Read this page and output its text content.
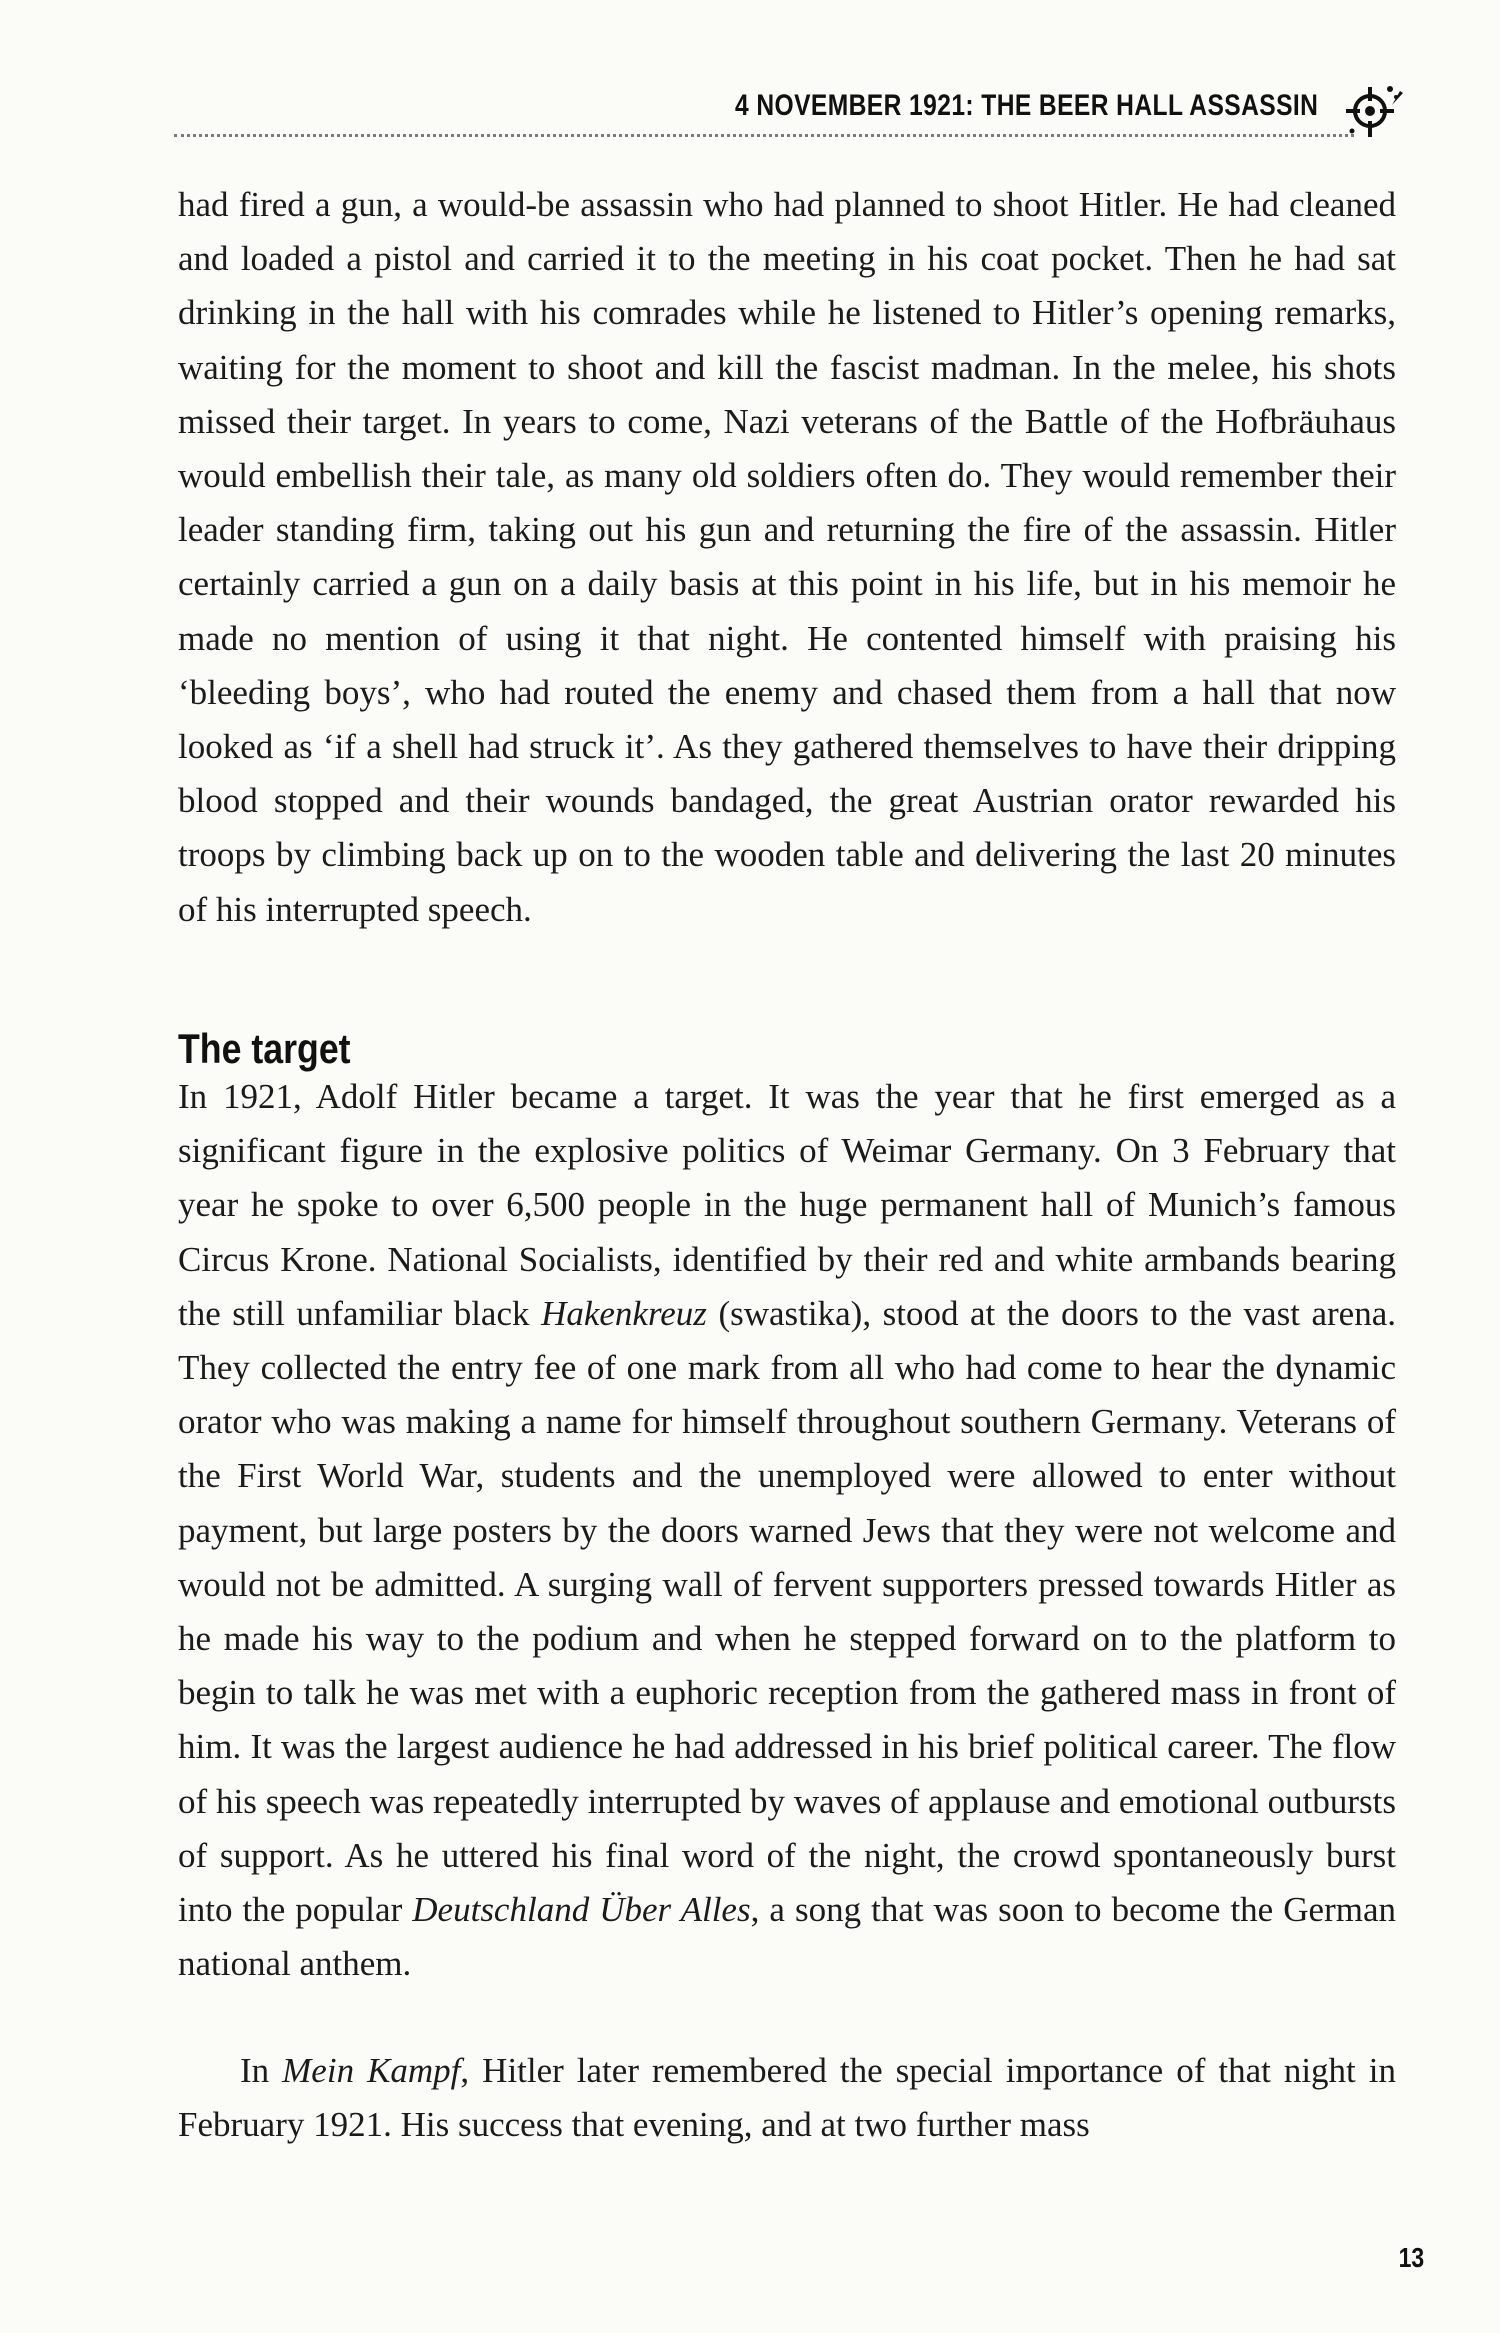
4 NOVEMBER 1921: THE BEER HALL ASSASSIN

had fired a gun, a would-be assassin who had planned to shoot Hitler. He had cleaned and loaded a pistol and carried it to the meeting in his coat pocket. Then he had sat drinking in the hall with his comrades while he listened to Hitler’s opening remarks, waiting for the moment to shoot and kill the fascist madman. In the melee, his shots missed their target. In years to come, Nazi veterans of the Battle of the Hofbräuhaus would embellish their tale, as many old soldiers often do. They would remember their leader standing firm, taking out his gun and returning the fire of the assassin. Hitler certainly carried a gun on a daily basis at this point in his life, but in his memoir he made no mention of using it that night. He contented himself with praising his ‘bleeding boys’, who had routed the enemy and chased them from a hall that now looked as ‘if a shell had struck it’. As they gathered themselves to have their dripping blood stopped and their wounds bandaged, the great Austrian orator rewarded his troops by climbing back up on to the wooden table and delivering the last 20 minutes of his interrupted speech.

The target

In 1921, Adolf Hitler became a target. It was the year that he first emerged as a significant figure in the explosive politics of Weimar Germany. On 3 February that year he spoke to over 6,500 people in the huge permanent hall of Munich’s famous Circus Krone. National Socialists, identified by their red and white armbands bearing the still unfamiliar black Hakenkreuz (swastika), stood at the doors to the vast arena. They collected the entry fee of one mark from all who had come to hear the dynamic orator who was making a name for himself throughout southern Germany. Veterans of the First World War, students and the unemployed were allowed to enter without payment, but large posters by the doors warned Jews that they were not welcome and would not be admitted. A surging wall of fervent supporters pressed towards Hitler as he made his way to the podium and when he stepped forward on to the platform to begin to talk he was met with a euphoric reception from the gathered mass in front of him. It was the largest audience he had addressed in his brief political career. The flow of his speech was repeatedly interrupted by waves of applause and emotional outbursts of support. As he uttered his final word of the night, the crowd spontaneously burst into the popular Deutschland Über Alles, a song that was soon to become the German national anthem.

In Mein Kampf, Hitler later remembered the special importance of that night in February 1921. His success that evening, and at two further mass

13
